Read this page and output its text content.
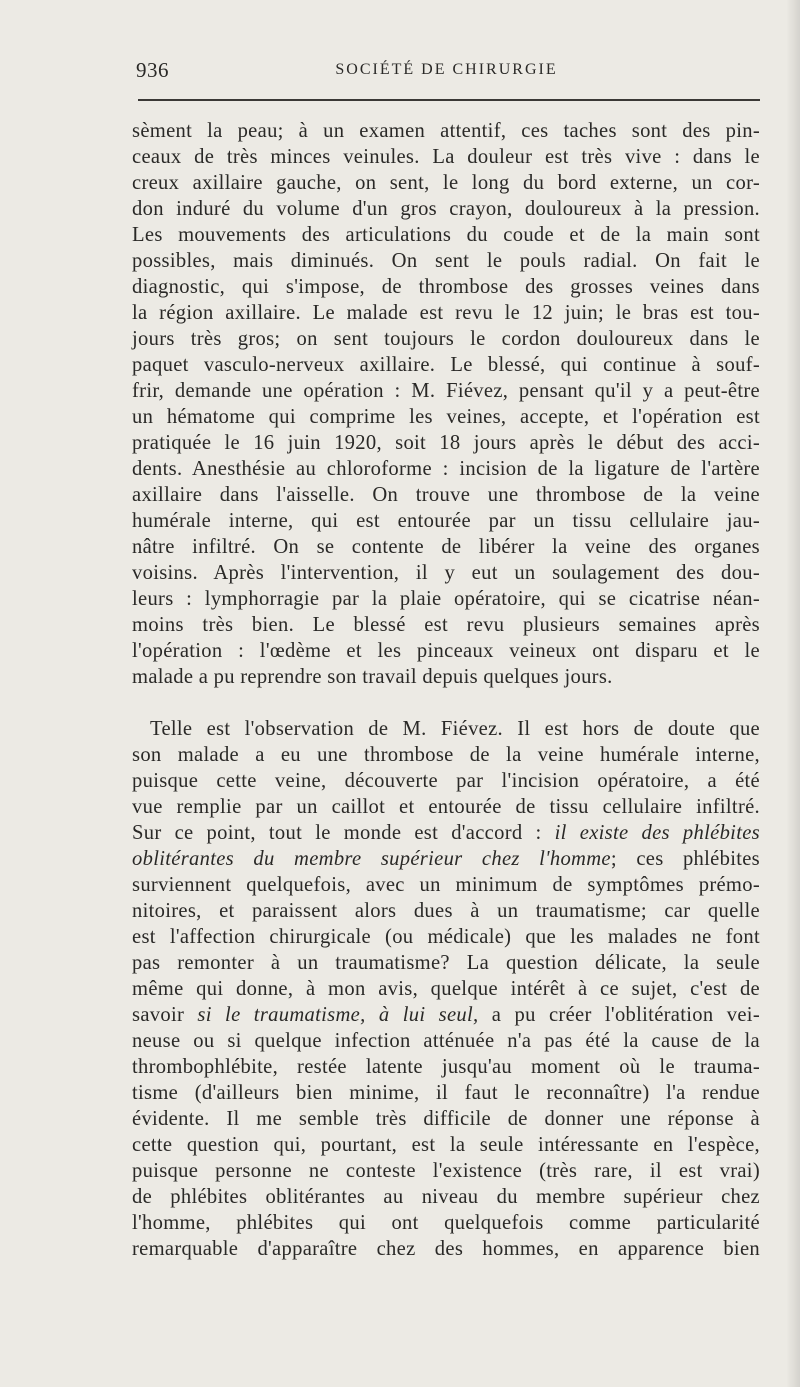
936	SOCIÉTÉ DE CHIRURGIE
sèment la peau; à un examen attentif, ces taches sont des pin-
ceaux de très minces veinules. La douleur est très vive : dans le
creux axillaire gauche, on sent, le long du bord externe, un cor-
don induré du volume d'un gros crayon, douloureux à la pression.
Les mouvements des articulations du coude et de la main sont
possibles, mais diminués. On sent le pouls radial. On fait le
diagnostic, qui s'impose, de thrombose des grosses veines dans
la région axillaire. Le malade est revu le 12 juin; le bras est tou-
jours très gros; on sent toujours le cordon douloureux dans le
paquet vasculo-nerveux axillaire. Le blessé, qui continue à souf-
frir, demande une opération : M. Fiévez, pensant qu'il y a peut-être
un hématome qui comprime les veines, accepte, et l'opération est
pratiquée le 16 juin 1920, soit 18 jours après le début des acci-
dents. Anesthésie au chloroforme : incision de la ligature de l'artère
axillaire dans l'aisselle. On trouve une thrombose de la veine
humérale interne, qui est entourée par un tissu cellulaire jau-
nâtre infiltré. On se contente de libérer la veine des organes
voisins. Après l'intervention, il y eut un soulagement des dou-
leurs : lymphorragie par la plaie opératoire, qui se cicatrise néan-
moins très bien. Le blessé est revu plusieurs semaines après
l'opération : l'œdème et les pinceaux veineux ont disparu et le
malade a pu reprendre son travail depuis quelques jours.
Telle est l'observation de M. Fiévez. Il est hors de doute que
son malade a eu une thrombose de la veine humérale interne,
puisque cette veine, découverte par l'incision opératoire, a été
vue remplie par un caillot et entourée de tissu cellulaire infiltré.
Sur ce point, tout le monde est d'accord : il existe des phlébites
oblitérantes du membre supérieur chez l'homme; ces phlébites
surviennent quelquefois, avec un minimum de symptômes prémo-
nitoires, et paraissent alors dues à un traumatisme; car quelle
est l'affection chirurgicale (ou médicale) que les malades ne font
pas remonter à un traumatisme? La question délicate, la seule
même qui donne, à mon avis, quelque intérêt à ce sujet, c'est de
savoir si le traumatisme, à lui seul, a pu créer l'oblitération vei-
neuse ou si quelque infection atténuée n'a pas été la cause de la
thrombophlébite, restée latente jusqu'au moment où le trauma-
tisme (d'ailleurs bien minime, il faut le reconnaître) l'a rendue
évidente. Il me semble très difficile de donner une réponse à
cette question qui, pourtant, est la seule intéressante en l'espèce,
puisque personne ne conteste l'existence (très rare, il est vrai)
de phlébites oblitérantes au niveau du membre supérieur chez
l'homme, phlébites qui ont quelquefois comme particularité
remarquable d'apparaître chez des hommes, en apparence bien
